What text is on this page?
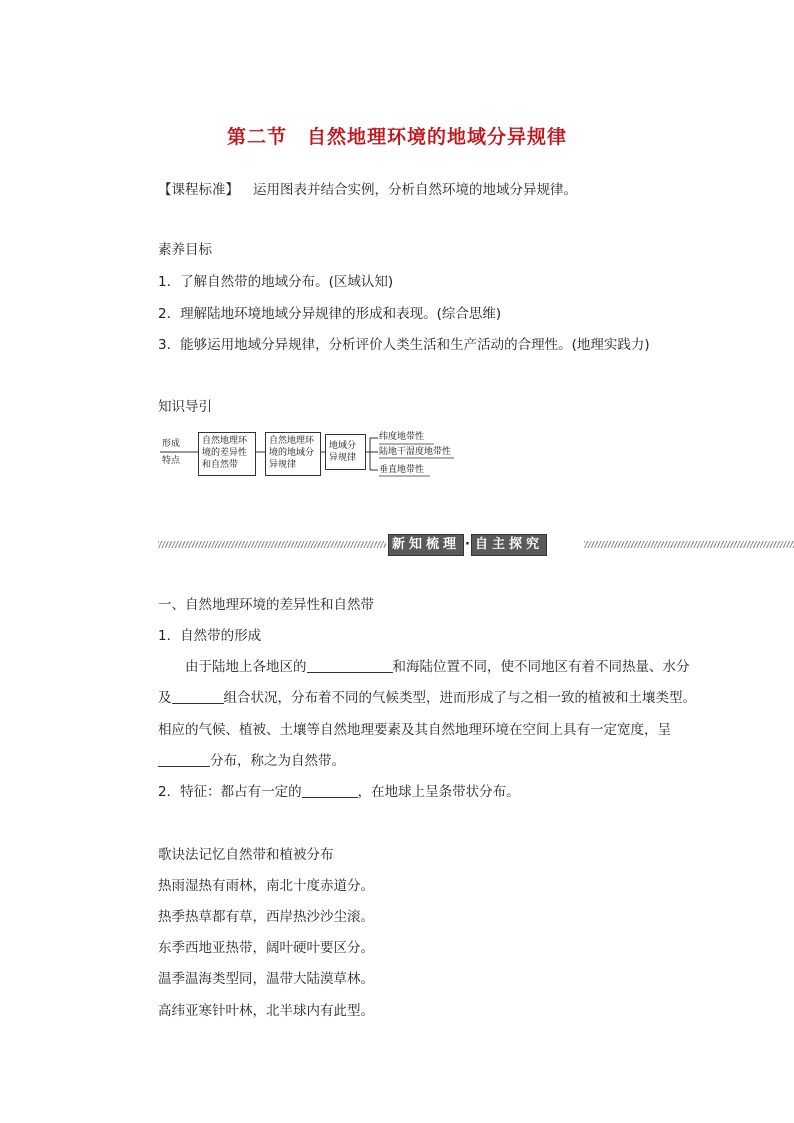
第二节 自然地理环境的地域分异规律
【课程标准】 运用图表并结合实例，分析自然环境的地域分异规律。
素养目标
1．了解自然带的地域分布。(区域认知)
2．理解陆地环境地域分异规律的形成和表现。(综合思维)
3．能够运用地域分异规律，分析评价人类生活和生产活动的合理性。(地理实践力)
知识导引
形成
特点
自然地理环
境的差异性
和自然带
自然地理环
境的地域分
异规律
地域分
异规律
纬度地带性
陆地干湿度地带性
垂直地带性
新知梳理 · 自主探究
一、自然地理环境的差异性和自然带
1．自然带的形成
由于陆地上各地区的	和海陆位置不同，使不同地区有着不同热量、水分
及	组合状况，分布着不同的气候类型，进而形成了与之相一致的植被和土壤类型。
相应的气候、植被、土壤等自然地理要素及其自然地理环境在空间上具有一定宽度，呈
分布，称之为自然带。
2．特征：都占有一定的	，在地球上呈条带状分布。
歌诀法记忆自然带和植被分布
热雨湿热有雨林，南北十度赤道分。
热季热草都有草，西岸热沙沙尘滚。
东季西地亚热带，阔叶硬叶要区分。
温季温海类型同，温带大陆漠草林。
高纬亚寒针叶林，北半球内有此型。
